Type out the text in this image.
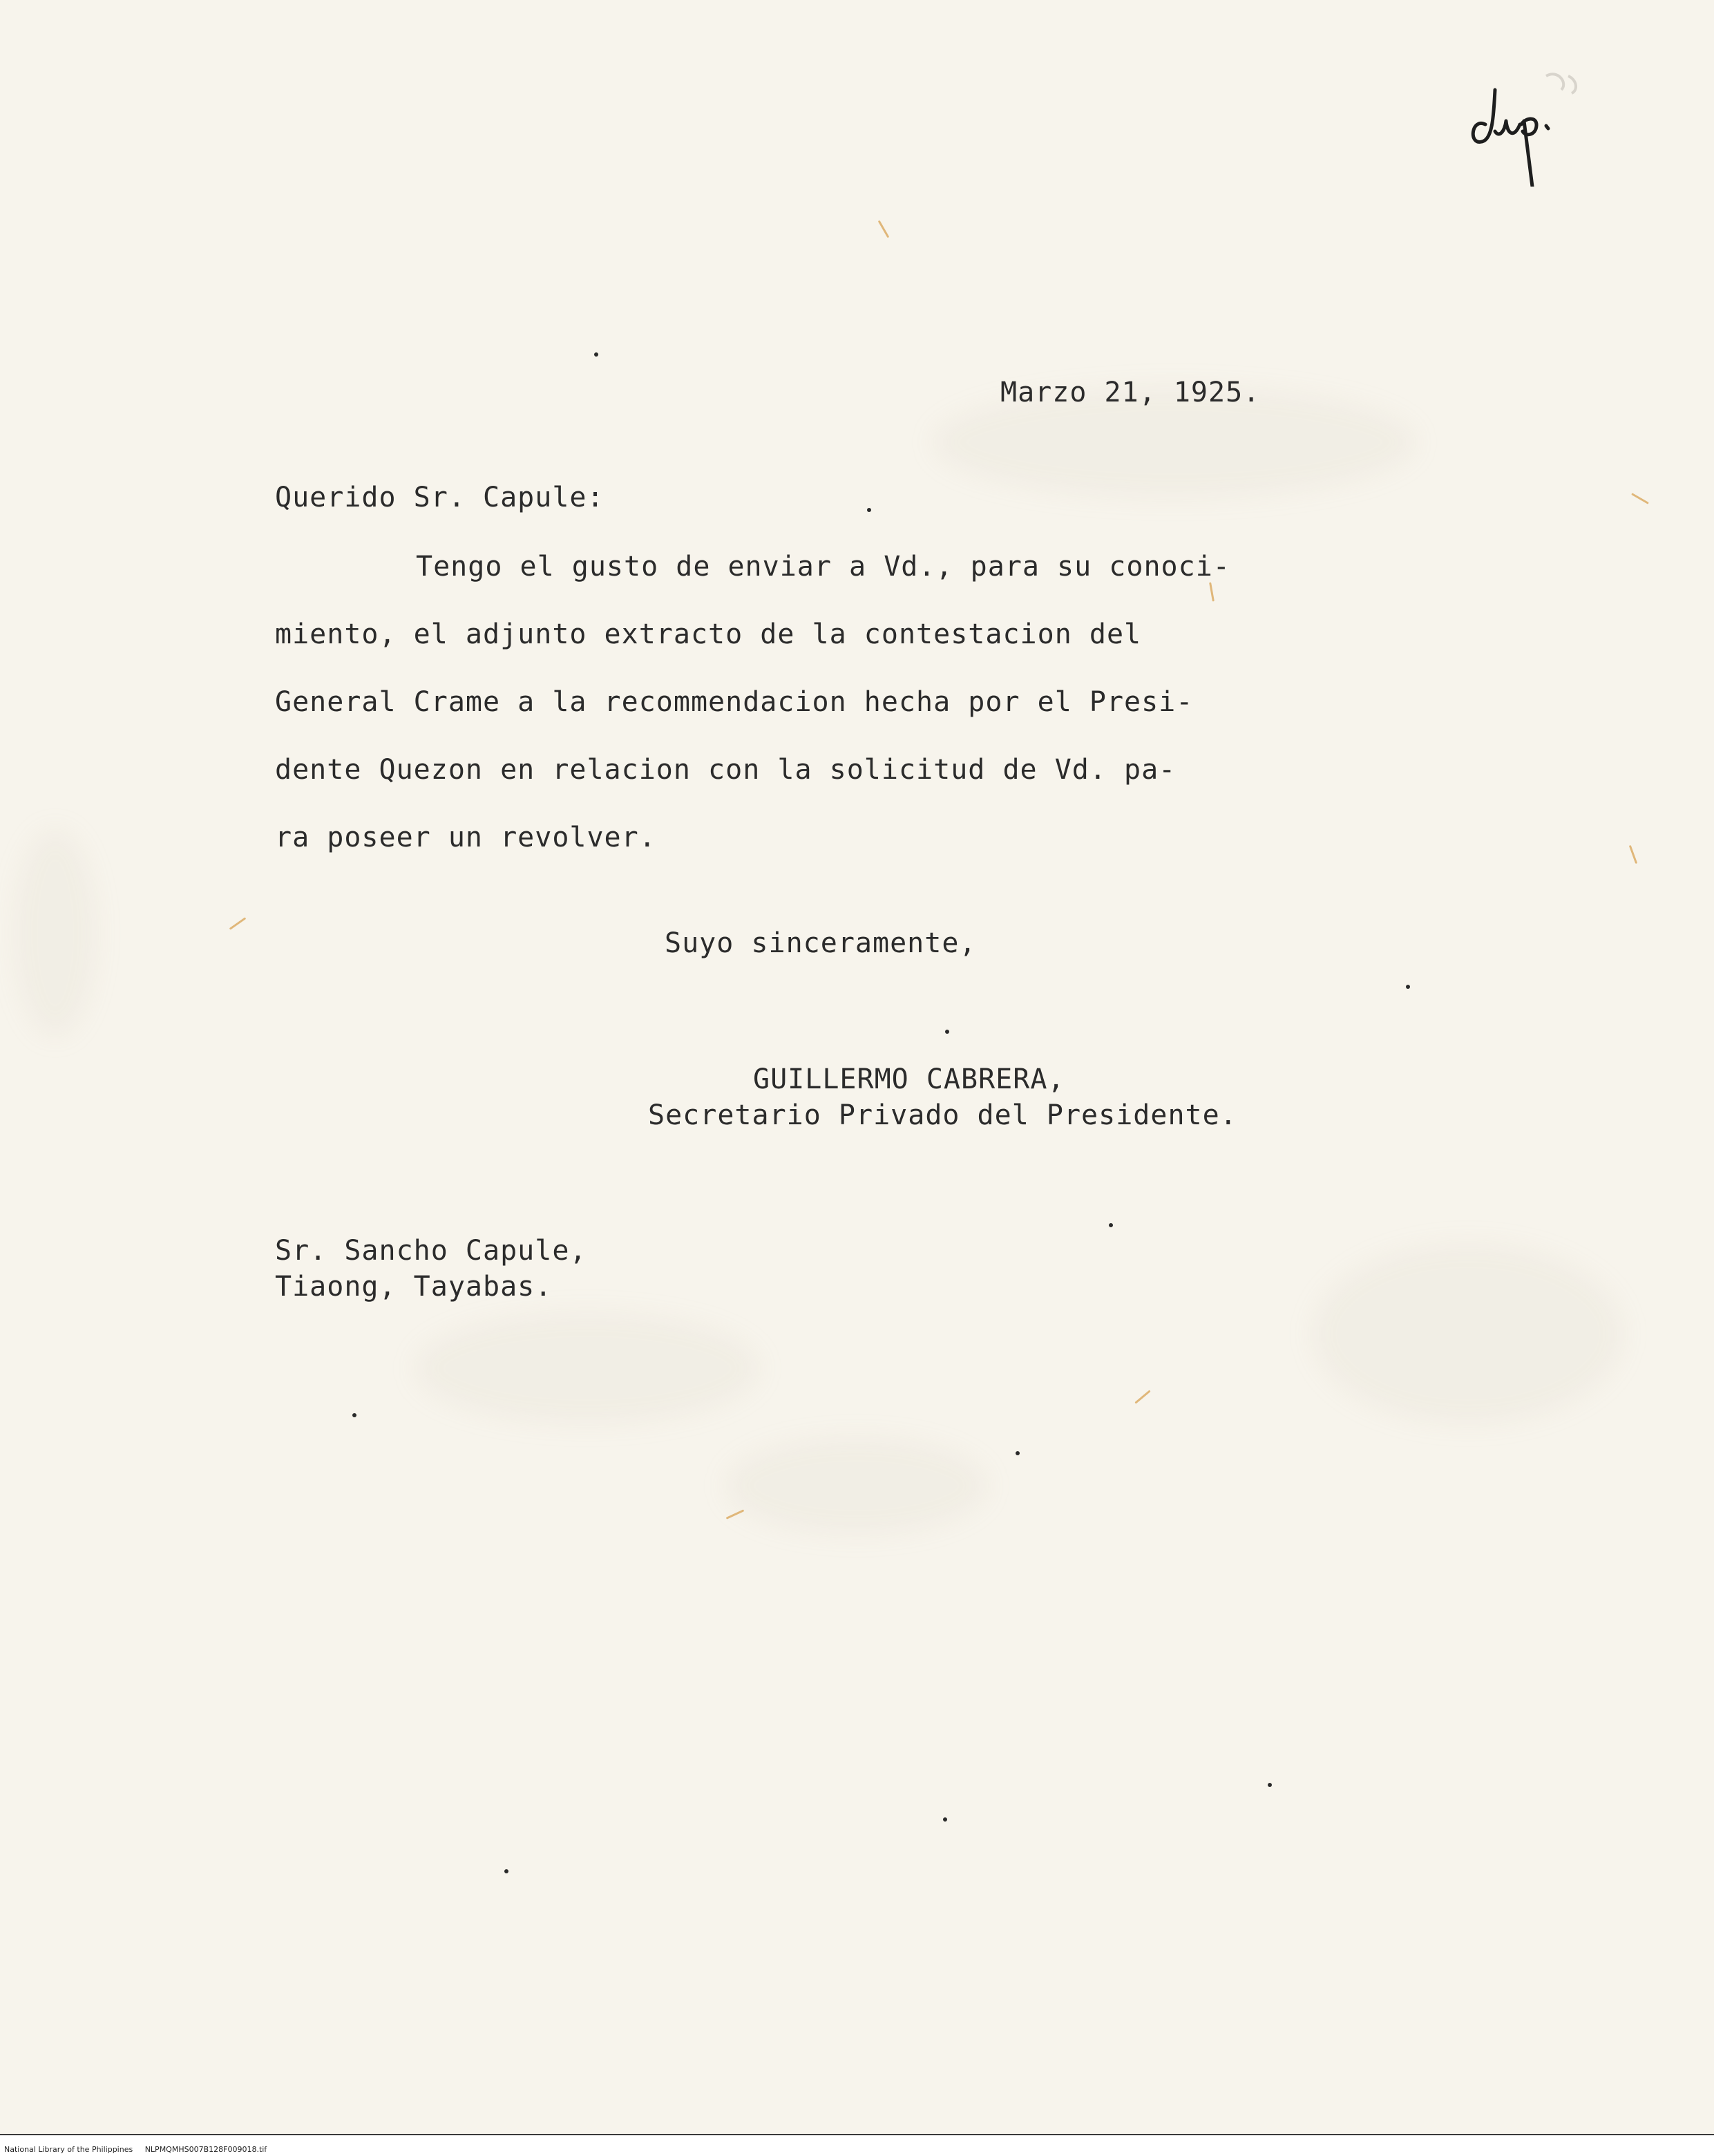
Marzo 21, 1925.
Querido Sr. Capule:
Tengo el gusto de enviar a Vd., para su conoci-
miento, el adjunto extracto de la contestacion del
General Crame a la recommendacion hecha por el Presi-
dente Quezon en relacion con la solicitud de Vd. pa-
ra poseer un revolver.
Suyo sinceramente,
GUILLERMO CABRERA,
Secretario Privado del Presidente.
Sr. Sancho Capule,
Tiaong, Tayabas.
National Library of the Philippines NLPMQMHS007B128F009018.tif
